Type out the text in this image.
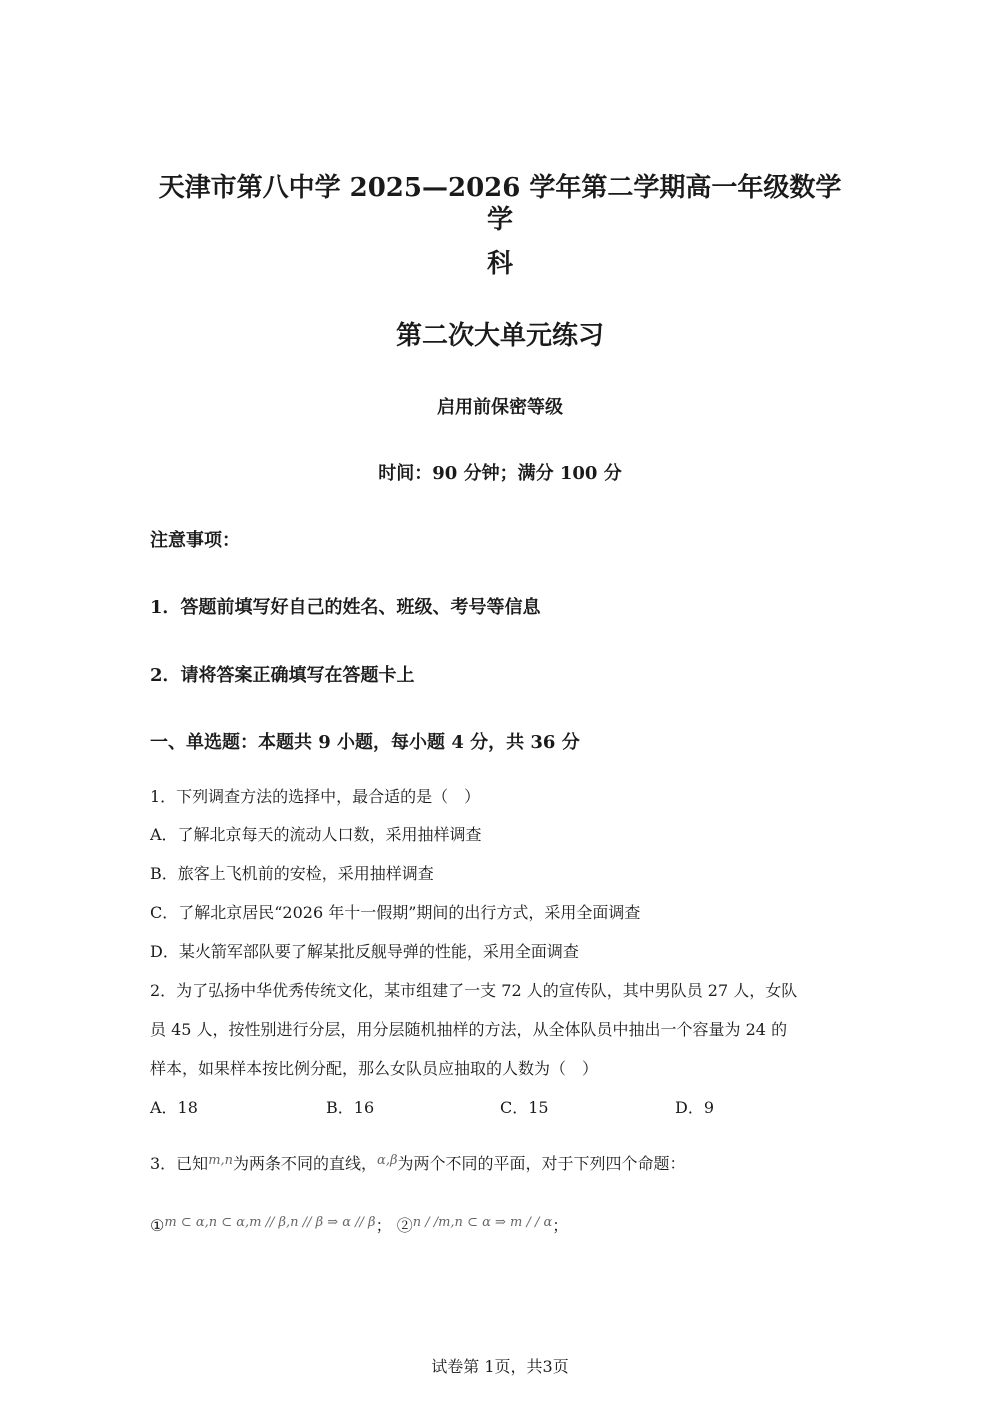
天津市第八中学 2025—2026 学年第二学期高一年级数学学
科
第二次大单元练习

启用前保密等级

时间：90 分钟；满分 100 分

注意事项：

1．答题前填写好自己的姓名、班级、考号等信息

2．请将答案正确填写在答题卡上

一、单选题：本题共 9 小题，每小题 4 分，共 36 分

1．下列调查方法的选择中，最合适的是（　）

A．了解北京每天的流动人口数，采用抽样调查

B．旅客上飞机前的安检，采用抽样调查

C．了解北京居民“2026 年十一假期”期间的出行方式，采用全面调查

D．某火箭军部队要了解某批反舰导弹的性能，采用全面调查

2．为了弘扬中华优秀传统文化，某市组建了一支 72 人的宣传队，其中男队员 27 人，女队

员 45 人，按性别进行分层，用分层随机抽样的方法，从全体队员中抽出一个容量为 24 的

样本，如果样本按比例分配，那么女队员应抽取的人数为（　）

A．18	B．16	C．15	D．9

3．已知$^{m,n}$为两条不同的直线，$^{\alpha,\beta}$为两个不同的平面，对于下列四个命题：

①$^{m \subset \alpha,n \subset \alpha,m // \beta,n // \beta \Rightarrow \alpha // \beta}$； ②$^{n / /m,n \subset \alpha \Rightarrow m / / \alpha}$；

试卷第 1页，共3页
